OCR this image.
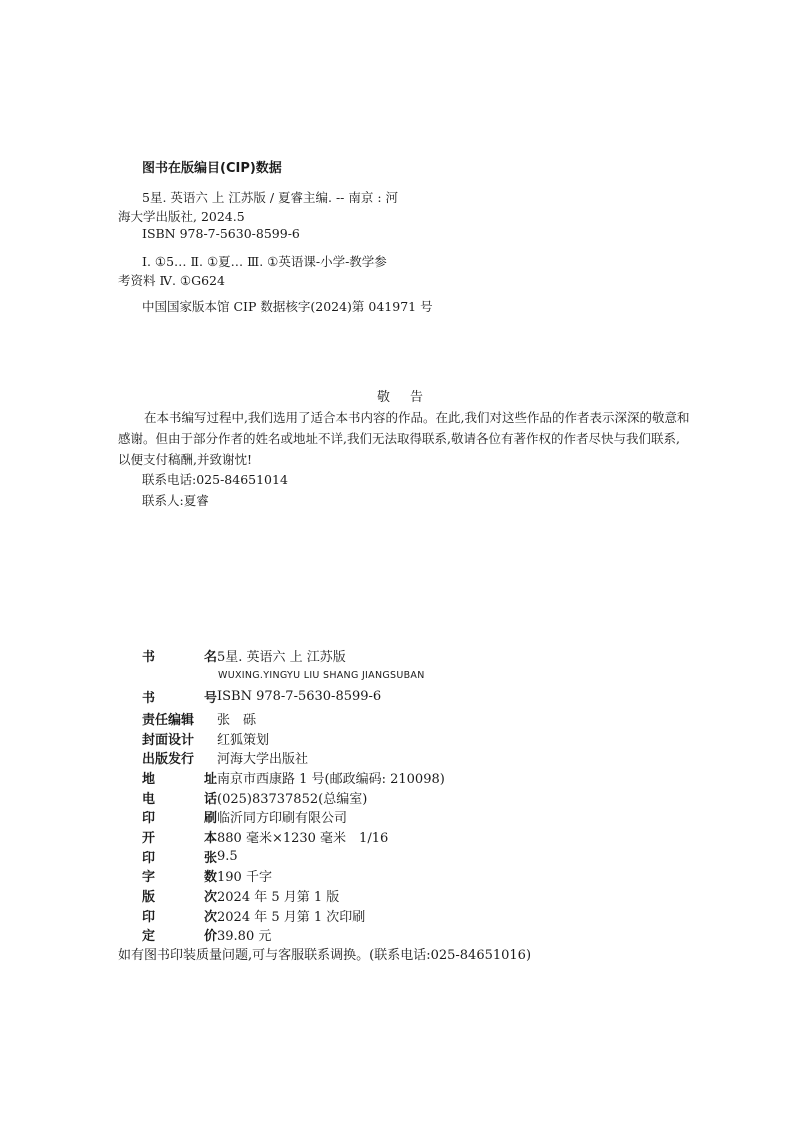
图书在版编目(CIP)数据
5星. 英语六 上 江苏版 / 夏睿主编. -- 南京 : 河
海大学出版社, 2024.5
ISBN 978-7-5630-8599-6
Ⅰ. ①5… Ⅱ. ①夏… Ⅲ. ①英语课-小学-教学参
考资料 Ⅳ. ①G624
中国国家版本馆 CIP 数据核字(2024)第 041971 号
敬告
在本书编写过程中,我们选用了适合本书内容的作品。在此,我们对这些作品的作者表示深深的敬意和感谢。但由于部分作者的姓名或地址不详,我们无法取得联系,敬请各位有著作权的作者尽快与我们联系,以便支付稿酬,并致谢忱!
联系电话:025-84651014
联系人:夏睿
书	名 5星. 英语六 上 江苏版
书	号 ISBN 978-7-5630-8599-6
责任编辑 张　砾
封面设计 红狐策划
出版发行 河海大学出版社
地	址 南京市西康路 1 号(邮政编码: 210098)
电	话 (025)83737852(总编室)
印	刷 临沂同方印刷有限公司
开	本 880 毫米×1230 毫米　1/16
印	张 9.5
字	数 190 千字
版	次 2024 年 5 月第 1 版
印	次 2024 年 5 月第 1 次印刷
定	价 39.80 元
WUXING.YINGYU LIU SHANG JIANGSUBAN
如有图书印装质量问题,可与客服联系调换。(联系电话:025-84651016)
